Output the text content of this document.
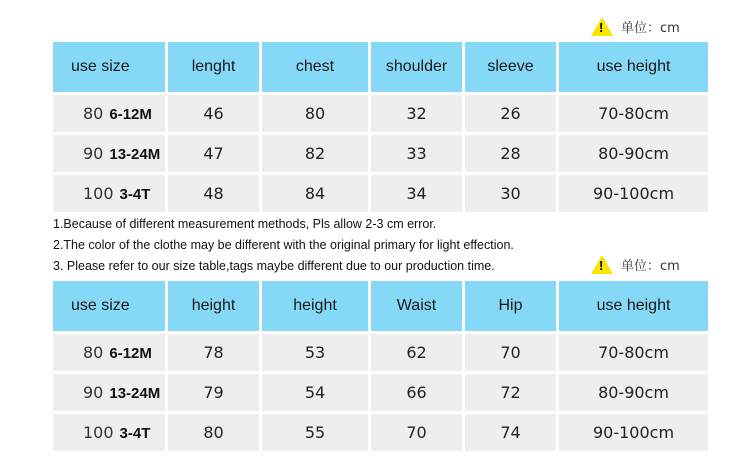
!
单位：cm
use size	lenght	chest	shoulder	sleeve	use height
80 6-12M	46	80	32	26	70-80cm
90 13-24M	47	82	33	28	80-90cm
100 3-4T	48	84	34	30	90-100cm
1.Because of different measurement methods, Pls allow 2-3 cm error.
2.The color of the clothe may be different with the original primary for light effection.
3. Please refer to our size table,tags maybe different due to our production time. !	单位：cm
use size	height	height	Waist	Hip	use height
80 6-12M	78	53	62	70	70-80cm
90 13-24M	79	54	66	72	80-90cm
100 3-4T	80	55	70	74	90-100cm
